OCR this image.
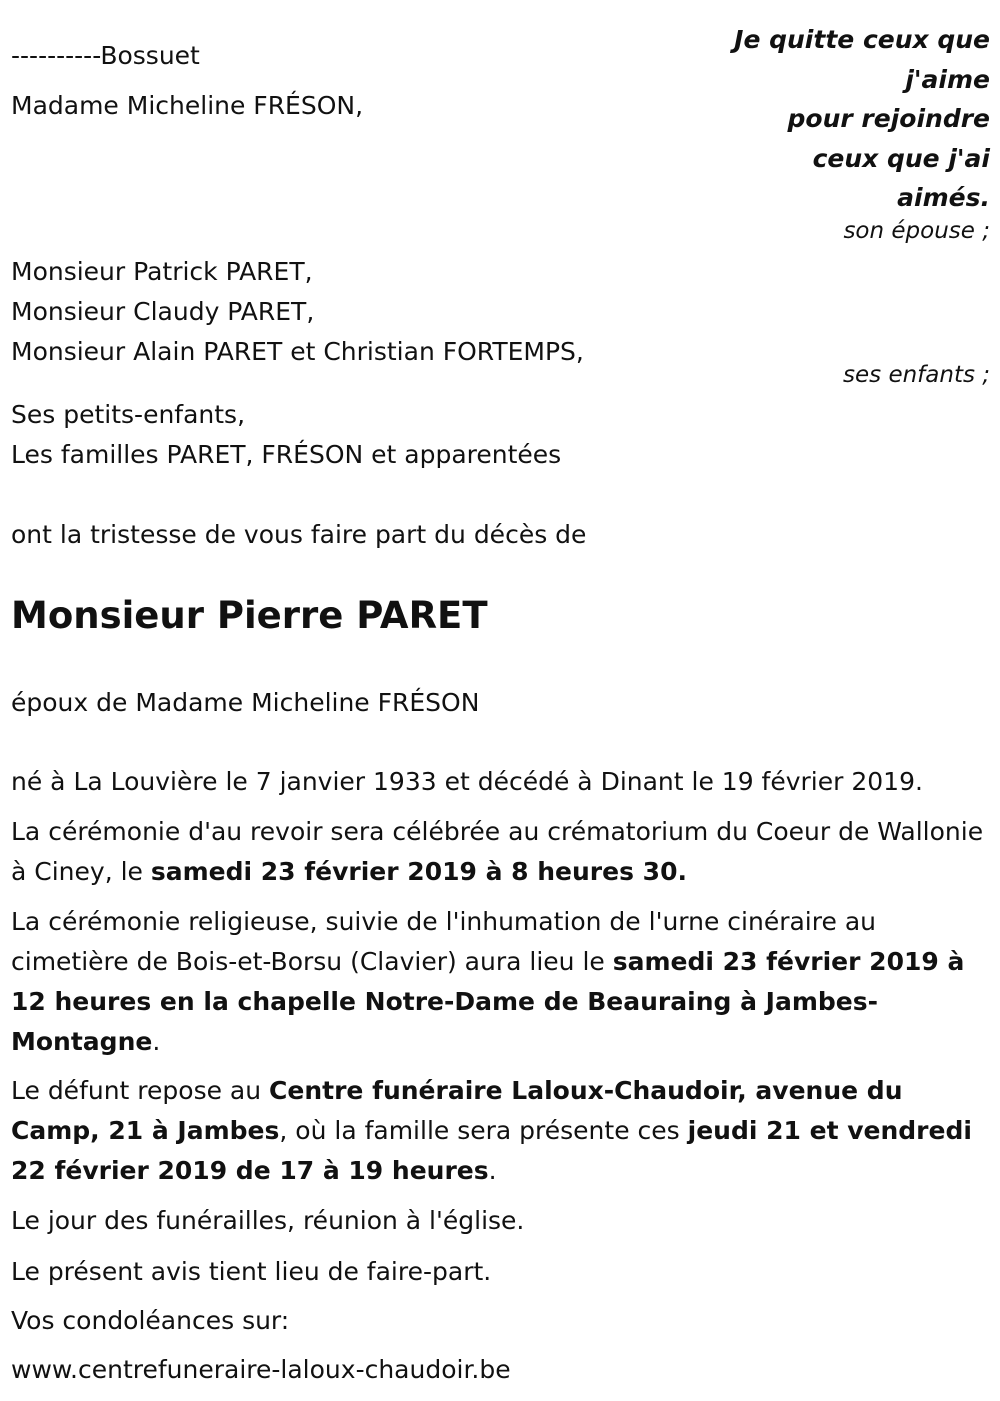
----------Bossuet
Je quitte ceux que
j'aime
pour rejoindre
ceux que j'ai
aimés.
Madame Micheline FRÉSON,
son épouse ;
Monsieur Patrick PARET,
Monsieur Claudy PARET,
Monsieur Alain PARET et Christian FORTEMPS,
ses enfants ;
Ses petits-enfants,
Les familles PARET, FRÉSON et apparentées
ont la tristesse de vous faire part du décès de
Monsieur Pierre PARET
époux de Madame Micheline FRÉSON
né à La Louvière le 7 janvier 1933 et décédé à Dinant le 19 février 2019.

La cérémonie d'au revoir sera célébrée au crématorium du Coeur de Wallonie à Ciney, le samedi 23 février 2019 à 8 heures 30.

La cérémonie religieuse, suivie de l'inhumation de l'urne cinéraire au cimetière de Bois-et-Borsu (Clavier) aura lieu le samedi 23 février 2019 à 12 heures en la chapelle Notre-Dame de Beauraing à Jambes-Montagne.

Le défunt repose au Centre funéraire Laloux-Chaudoir, avenue du Camp, 21 à Jambes, où la famille sera présente ces jeudi 21 et vendredi 22 février 2019 de 17 à 19 heures.

Le jour des funérailles, réunion à l'église.
Le présent avis tient lieu de faire-part.
Vos condoléances sur:
www.centrefuneraire-laloux-chaudoir.be
